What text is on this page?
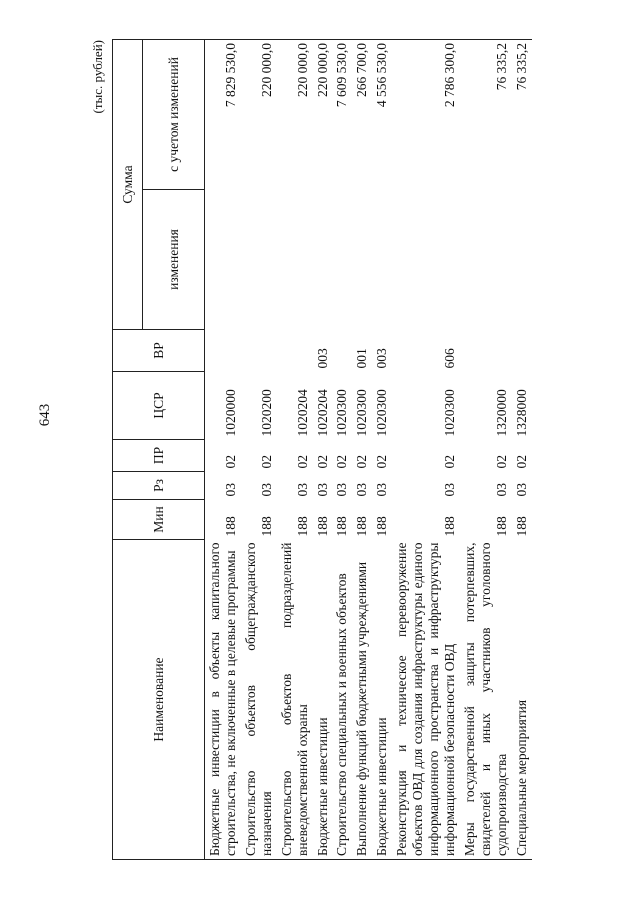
643
(тыс. рублей)
Наименование	Мин	Рз	ПР	ЦСР	ВР	Сумма	
						изменения	с учетом изменений
Бюджетные инвестиции в объекты капитального строительства, не включенные в целевые программы	188	03	02	1020000			7 829 530,0
Строительство объектов общегражданского назначения	188	03	02	1020200			220 000,0
Строительство объектов подразделений вневедомственной охраны	188	03	02	1020204			220 000,0
Бюджетные инвестиции	188	03	02	1020204	003		220 000,0
Строительство специальных и военных объектов	188	03	02	1020300			7 609 530,0
Выполнение функций бюджетными учреждениями	188	03	02	1020300	001		266 700,0
Бюджетные инвестиции	188	03	02	1020300	003		4 556 530,0
Реконструкция и техническое перевооружение объектов ОВД для создания инфраструктуры единого информационного пространства и инфраструктуры информационной безопасности ОВД	188	03	02	1020300	606		2 786 300,0
Меры государственной защиты потерпевших, свидетелей и иных участников уголовного судопроизводства	188	03	02	1320000			76 335,2
Специальные мероприятия	188	03	02	1328000			76 335,2
